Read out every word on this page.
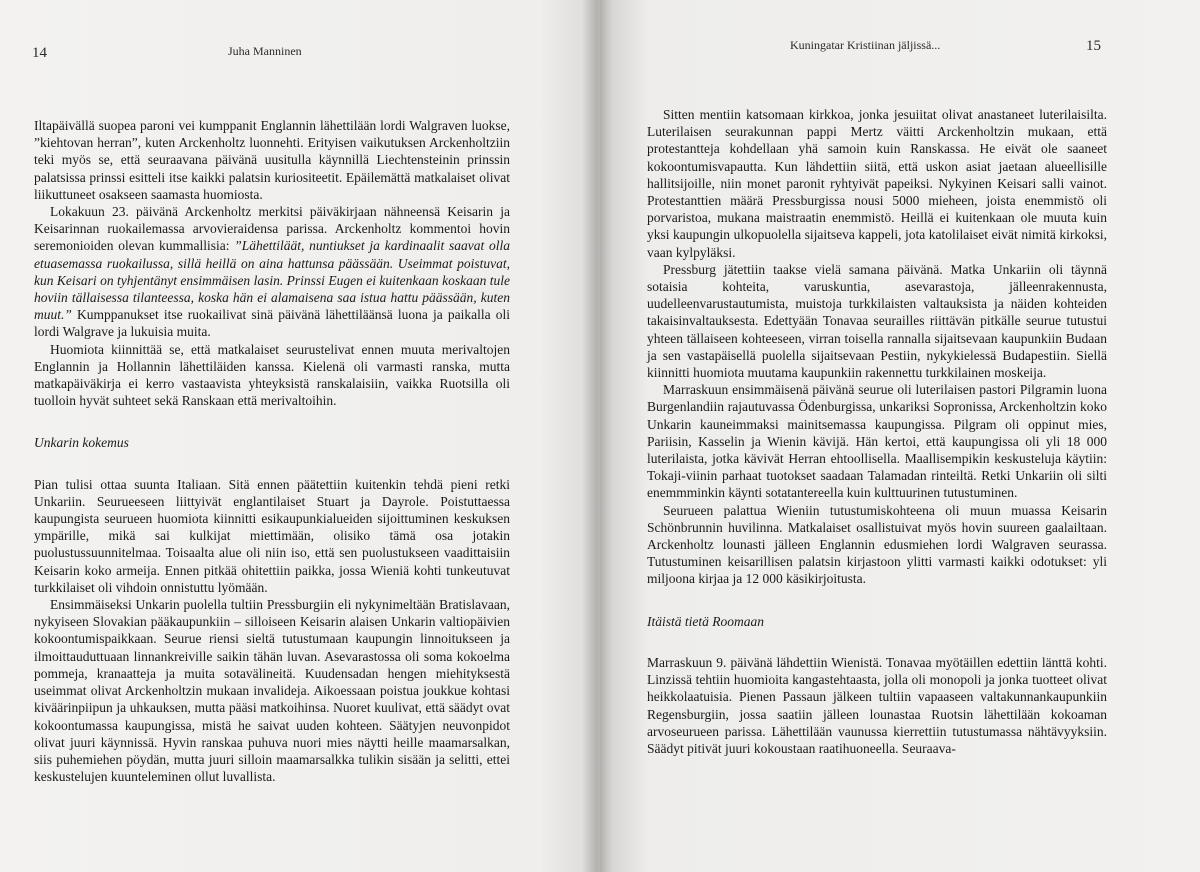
14	Juha Manninen

Iltapäivällä suopea paroni vei kumppanit Englannin lähettilään lordi Walgraven luokse, ”kiehtovan herran”, kuten Arckenholtz luonnehti. Erityisen vaikutuksen Arckenholtziin teki myös se, että seuraavana päivänä uusitulla käynnillä Liechtensteinin prinssin palatsissa prinssi esitteli itse kaikki palatsin kuriositeetit. Epäilemättä matkalaiset olivat liikuttuneet osakseen saamasta huomiosta.

Lokakuun 23. päivänä Arckenholtz merkitsi päiväkirjaan nähneensä Keisarin ja Keisarinnan ruokailemassa arvovieraidensa parissa. Arckenholtz kommentoi hovin seremonioiden olevan kummallisia: ”Lähettiläät, nuntiukset ja kardinaalit saavat olla etuasemassa ruokailussa, sillä heillä on aina hattunsa päässään. Useimmat poistuvat, kun Keisari on tyhjentänyt ensimmäisen lasin. Prinssi Eugen ei kuitenkaan koskaan tule hoviin tällaisessa tilanteessa, koska hän ei alamaisena saa istua hattu päässään, kuten muut.” Kumppanukset itse ruokailivat sinä päivänä lähettiläänsä luona ja paikalla oli lordi Walgrave ja lukuisia muita.

Huomiota kiinnittää se, että matkalaiset seurustelivat ennen muuta merivaltojen Englannin ja Hollannin lähettiläiden kanssa. Kielenä oli varmasti ranska, mutta matkapäiväkirja ei kerro vastaavista yhteyksistä ranskalaisiin, vaikka Ruotsilla oli tuolloin hyvät suhteet sekä Ranskaan että merivaltoihin.

Unkarin kokemus

Pian tulisi ottaa suunta Italiaan. Sitä ennen päätettiin kuitenkin tehdä pieni retki Unkariin. Seurueeseen liittyivät englantilaiset Stuart ja Dayrole. Poistuttaessa kaupungista seurueen huomiota kiinnitti esikaupunkialueiden sijoittuminen keskuksen ympärille, mikä sai kulkijat miettimään, olisiko tämä osa jotakin puolustussuunnitelmaa. Toisaalta alue oli niin iso, että sen puolustukseen vaadittaisiin Keisarin koko armeija. Ennen pitkää ohitettiin paikka, jossa Wieniä kohti tunkeutuvat turkkilaiset oli vihdoin onnistuttu lyömään.

Ensimmäiseksi Unkarin puolella tultiin Pressburgiin eli nykynimeltään Bratislavaan, nykyiseen Slovakian pääkaupunkiin – silloiseen Keisarin alaisen Unkarin valtiopäivien kokoontumispaikkaan. Seurue riensi sieltä tutustumaan kaupungin linnoitukseen ja ilmoittauduttuaan linnankreiville saikin tähän luvan. Asevarastossa oli soma kokoelma pommeja, kranaatteja ja muita sotavälineitä. Kuudensadan hengen miehityksestä useimmat olivat Arckenholtzin mukaan invalideja. Aikoessaan poistua joukkue kohtasi kiväärinpiipun ja uhkauksen, mutta pääsi matkoihinsa. Nuoret kuulivat, että säädyt ovat kokoontumassa kaupungissa, mistä he saivat uuden kohteen. Säätyjen neuvonpidot olivat juuri käynnissä. Hyvin ranskaa puhuva nuori mies näytti heille maamarsalkan, siis puhemiehen pöydän, mutta juuri silloin maamarsalkka tulikin sisään ja selitti, ettei keskustelujen kuunteleminen ollut luvallista.

Kuningatar Kristiinan jäljissä...	15

Sitten mentiin katsomaan kirkkoa, jonka jesuiitat olivat anastaneet luterilaisilta. Luterilaisen seurakunnan pappi Mertz väitti Arckenholtzin mukaan, että protestantteja kohdellaan yhä samoin kuin Ranskassa. He eivät ole saaneet kokoontumisvapautta. Kun lähdettiin siitä, että uskon asiat jaetaan alueellisille hallitsijoille, niin monet paronit ryhtyivät papeiksi. Nykyinen Keisari salli vainot. Protestanttien määrä Pressburgissa nousi 5000 mieheen, joista enemmistö oli porvaristoa, mukana maistraatin enemmistö. Heillä ei kuitenkaan ole muuta kuin yksi kaupungin ulkopuolella sijaitseva kappeli, jota katolilaiset eivät nimitä kirkoksi, vaan kylpyläksi.

Pressburg jätettiin taakse vielä samana päivänä. Matka Unkariin oli täynnä sotaisia kohteita, varuskuntia, asevarastoja, jälleenrakennusta, uudelleenvarustautumista, muistoja turkkilaisten valtauksista ja näiden kohteiden takaisinvaltauksesta. Edettyään Tonavaa seurailles riittävän pitkälle seurue tutustui yhteen tällaiseen kohteeseen, virran toisella rannalla sijaitsevaan kaupunkiin Budaan ja sen vastapäisellä puolella sijaitsevaan Pestiin, nykykielessä Budapestiin. Siellä kiinnitti huomiota muutama kaupunkiin rakennettu turkkilainen moskeija.

Marraskuun ensimmäisenä päivänä seurue oli luterilaisen pastori Pilgramin luona Burgenlandiin rajautuvassa Ödenburgissa, unkariksi Sopronissa, Arckenholtzin koko Unkarin kauneimmaksi mainitsemassa kaupungissa. Pilgram oli oppinut mies, Pariisin, Kasselin ja Wienin kävijä. Hän kertoi, että kaupungissa oli yli 18 000 luterilaista, jotka kävivät Herran ehtoollisella. Maallisempikin keskusteluja käytiin: Tokaji-viinin parhaat tuotokset saadaan Talamadan rinteiltä. Retki Unkariin oli silti enemmminkin käynti sotatantereella kuin kulttuurinen tutustuminen.

Seurueen palattua Wieniin tutustumiskohteena oli muun muassa Keisarin Schönbrunnin huvilinna. Matkalaiset osallistuivat myös hovin suureen gaalailtaan. Arckenholtz lounasti jälleen Englannin edusmiehen lordi Walgraven seurassa. Tutustuminen keisarillisen palatsin kirjastoon ylitti varmasti kaikki odotukset: yli miljoona kirjaa ja 12 000 käsikirjoitusta.

Itäistä tietä Roomaan

Marraskuun 9. päivänä lähdettiin Wienistä. Tonavaa myötäillen edettiin länttä kohti. Linzissä tehtiin huomioita kangastehtaasta, jolla oli monopoli ja jonka tuotteet olivat heikkolaatuisia. Pienen Passaun jälkeen tultiin vapaaseen valtakunnankaupunkiin Regensburgiin, jossa saatiin jälleen lounastaa Ruotsin lähettilään kokoaman arvoseurueen parissa. Lähettilään vaunussa kierrettiin tutustumassa nähtävyyksiin. Säädyt pitivät juuri kokoustaan raatihuoneella. Seuraava-
